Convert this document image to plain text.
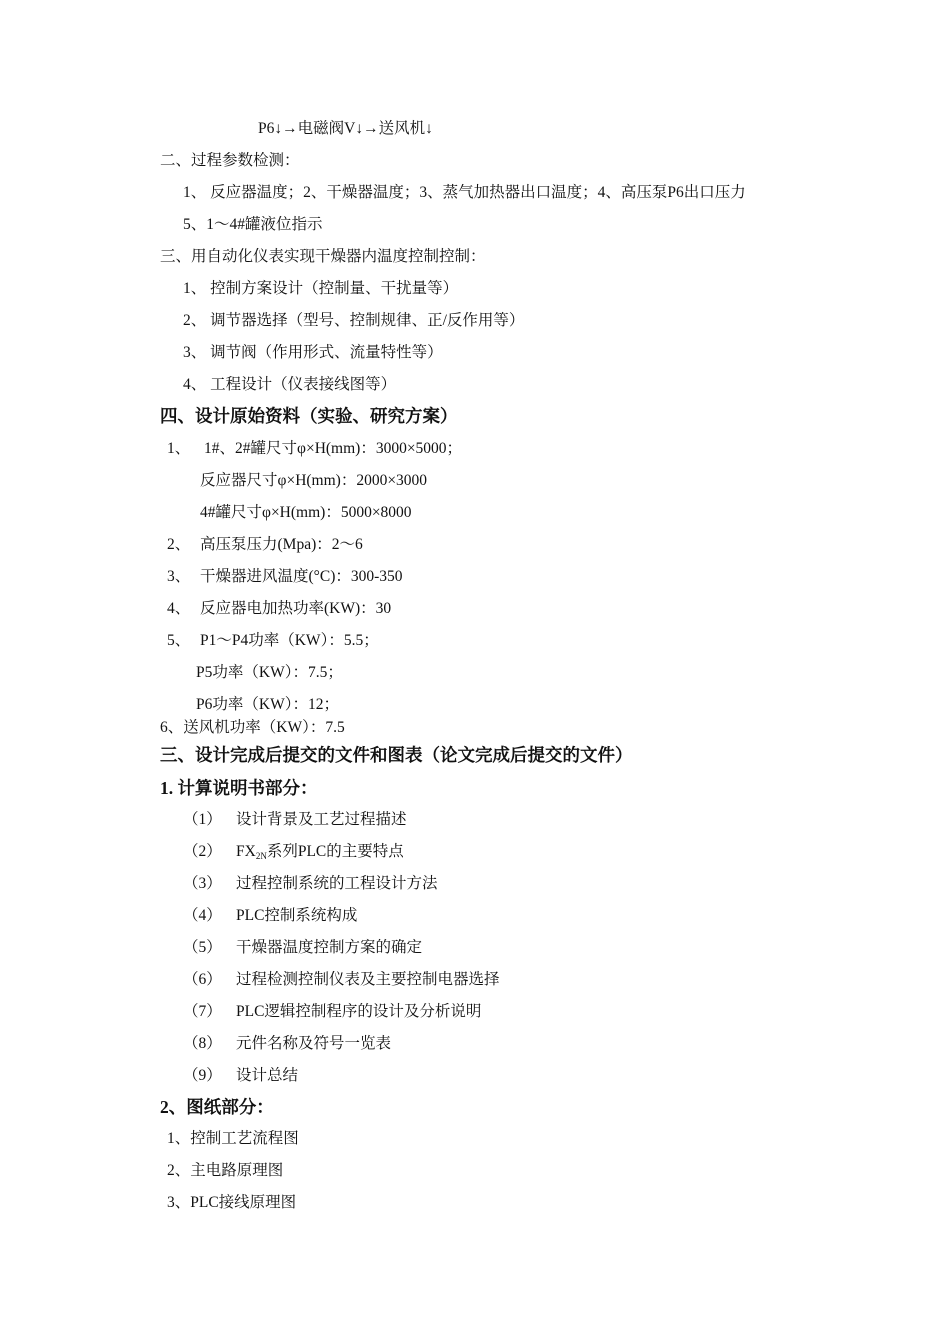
P6↓→电磁阀V↓→送风机↓
二、过程参数检测：
1、 反应器温度；2、干燥器温度；3、蒸气加热器出口温度；4、高压泵P6出口压力
5、1～4#罐液位指示
三、用自动化仪表实现干燥器内温度控制控制：
1、 控制方案设计（控制量、干扰量等）
2、 调节器选择（型号、控制规律、正/反作用等）
3、 调节阀（作用形式、流量特性等）
4、 工程设计（仪表接线图等）
四、设计原始资料（实验、研究方案）
1、 1#、2#罐尺寸φ×H(mm)：3000×5000；
反应器尺寸φ×H(mm)：2000×3000
4#罐尺寸φ×H(mm)：5000×8000
2、 高压泵压力(Mpa)：2～6
3、 干燥器进风温度(°C)：300-350
4、 反应器电加热功率(KW)：30
5、 P1～P4功率（KW）：5.5；
P5功率（KW）：7.5；
P6功率（KW）：12；
6、送风机功率（KW）：7.5
三、设计完成后提交的文件和图表（论文完成后提交的文件）
1. 计算说明书部分：
（1） 设计背景及工艺过程描述
（2） $FX_{2N}$系列PLC的主要特点
（3） 过程控制系统的工程设计方法
（4） PLC控制系统构成
（5） 干燥器温度控制方案的确定
（6） 过程检测控制仪表及主要控制电器选择
（7） PLC逻辑控制程序的设计及分析说明
（8） 元件名称及符号一览表
（9） 设计总结
2、图纸部分：
1、控制工艺流程图
2、主电路原理图
3、PLC接线原理图
